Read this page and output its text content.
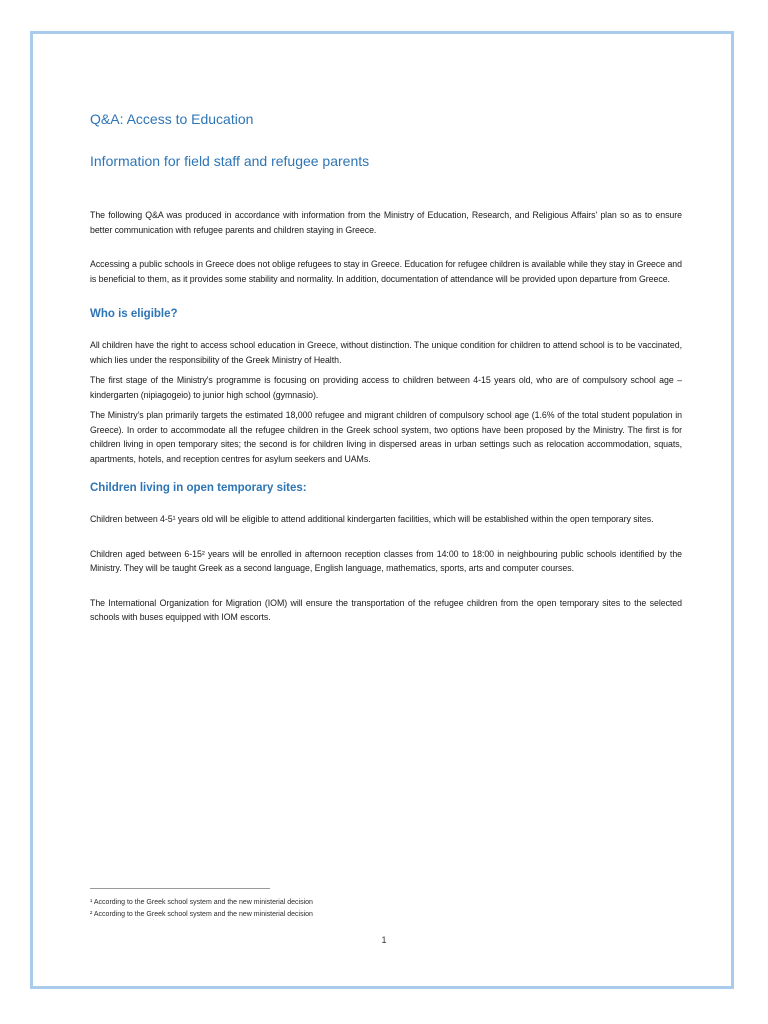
Q&A: Access to Education
Information for field staff and refugee parents

The following Q&A was produced in accordance with information from the Ministry of Education, Research, and Religious Affairs' plan so as to ensure better communication with refugee parents and children staying in Greece.

Accessing a public schools in Greece does not oblige refugees to stay in Greece. Education for refugee children is available while they stay in Greece and is beneficial to them, as it provides some stability and normality. In addition, documentation of attendance will be provided upon departure from Greece.

Who is eligible?

All children have the right to access school education in Greece, without distinction. The unique condition for children to attend school is to be vaccinated, which lies under the responsibility of the Greek Ministry of Health.

The first stage of the Ministry's programme is focusing on providing access to children between 4-15 years old, who are of compulsory school age – kindergarten (nipiagogeio) to junior high school (gymnasio).

The Ministry's plan primarily targets the estimated 18,000 refugee and migrant children of compulsory school age (1.6% of the total student population in Greece). In order to accommodate all the refugee children in the Greek school system, two options have been proposed by the Ministry. The first is for children living in open temporary sites; the second is for children living in dispersed areas in urban settings such as relocation accommodation, squats, apartments, hotels, and reception centres for asylum seekers and UAMs.

Children living in open temporary sites:

Children between 4-5¹ years old will be eligible to attend additional kindergarten facilities, which will be established within the open temporary sites.

Children aged between 6-15² years will be enrolled in afternoon reception classes from 14:00 to 18:00 in neighbouring public schools identified by the Ministry. They will be taught Greek as a second language, English language, mathematics, sports, arts and computer courses.

The International Organization for Migration (IOM) will ensure the transportation of the refugee children from the open temporary sites to the selected schools with buses equipped with IOM escorts.

¹ According to the Greek school system and the new ministerial decision
² According to the Greek school system and the new ministerial decision
1
